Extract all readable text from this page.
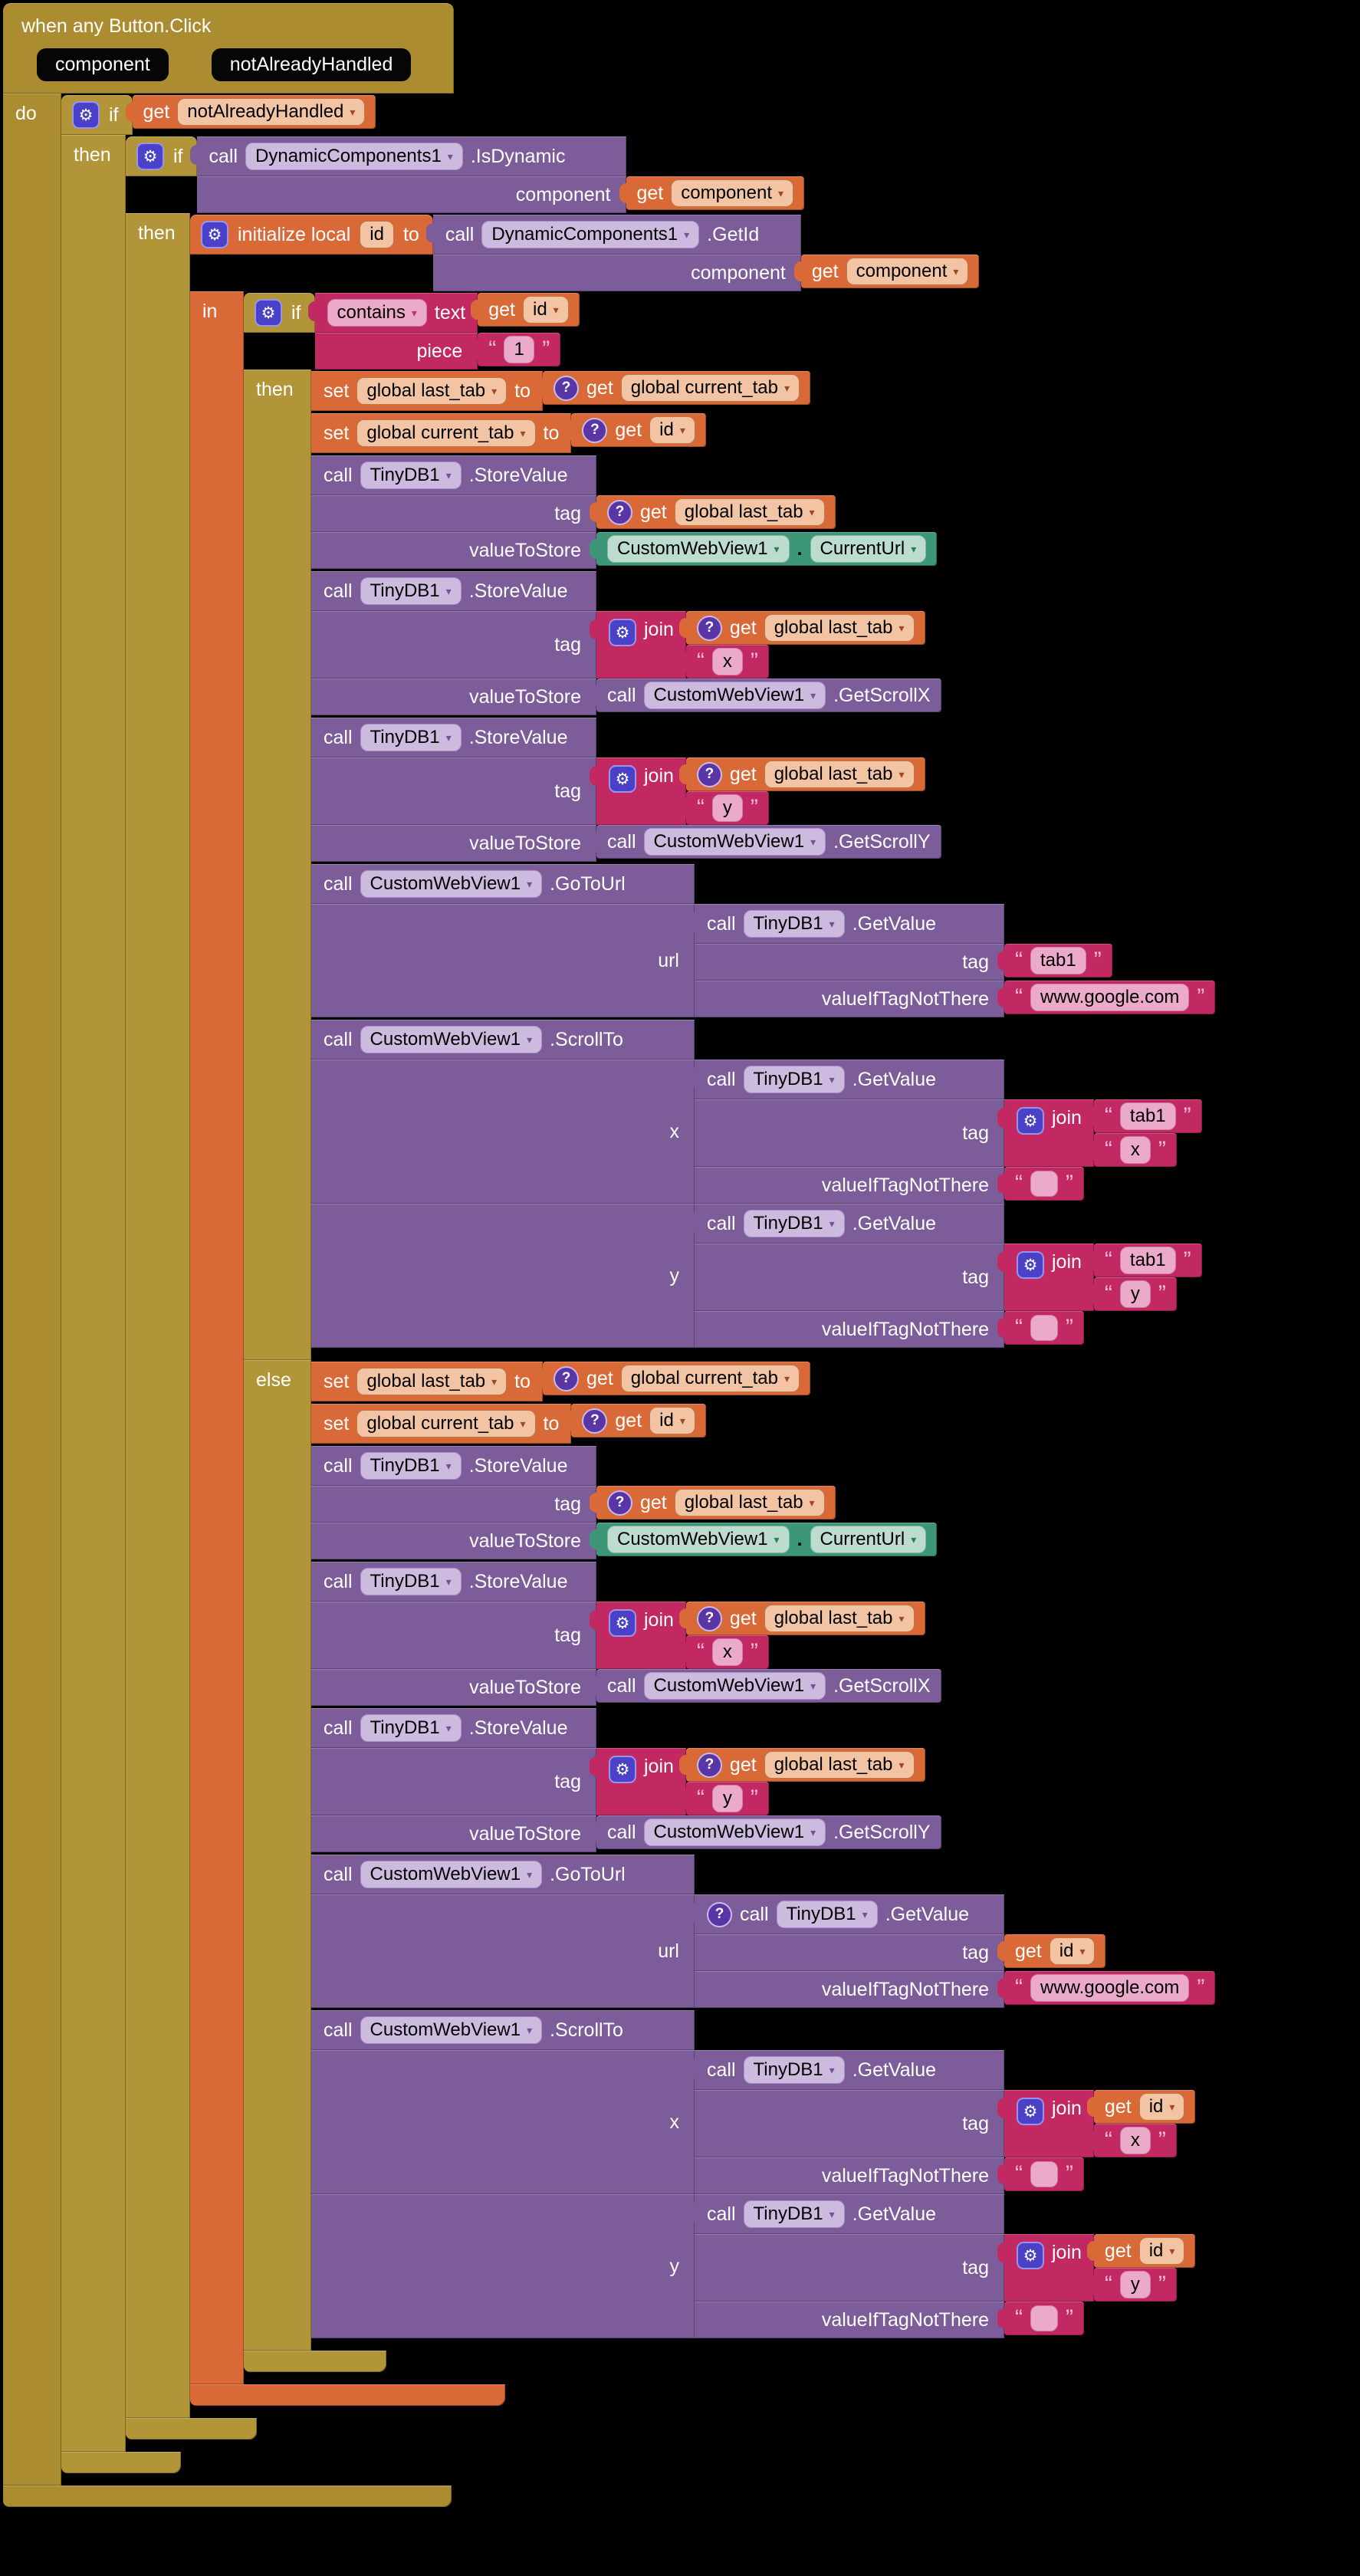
when any Button.Click
component	notAlreadyHandled
do	⚙ if get notAlreadyHandled ▾
then	⚙ if call DynamicComponents1 ▾ .IsDynamic
component get component ▾
then	⚙ initialize local id to call DynamicComponents1 ▾ .GetId
component get component ▾
in	⚙ if contains ▾ text get id ▾
piece “ 1 ”
then	set global last_tab ▾ to	? get global current_tab ▾
set global current_tab ▾ to	? get id ▾
call TinyDB1 ▾ .StoreValue
tag	? get global last_tab ▾
valueToStore CustomWebView1 ▾ . CurrentUrl ▾
call TinyDB1 ▾ .StoreValue
tag
⚙ join	? get global last_tab ▾
“ x ”
valueToStore call CustomWebView1 ▾ .GetScrollX
call TinyDB1 ▾ .StoreValue
tag
⚙ join	? get global last_tab ▾
“ y ”
valueToStore call CustomWebView1 ▾ .GetScrollY
call CustomWebView1 ▾ .GoToUrl
url
call TinyDB1 ▾ .GetValue
tag “ tab1 ”
valueIfTagNotThere “ www.google.com ”
call CustomWebView1 ▾ .ScrollTo
x
call TinyDB1 ▾ .GetValue
tag
⚙ join “ tab1 ”
“ x ”
valueIfTagNotThere “ ”
y
call TinyDB1 ▾ .GetValue
tag
⚙ join “ tab1 ”
“ y ”
valueIfTagNotThere “ ”
else	set global last_tab ▾ to	? get global current_tab ▾
set global current_tab ▾ to	? get id ▾
call TinyDB1 ▾ .StoreValue
tag	? get global last_tab ▾
valueToStore CustomWebView1 ▾ . CurrentUrl ▾
call TinyDB1 ▾ .StoreValue
tag
⚙ join	? get global last_tab ▾
“ x ”
valueToStore call CustomWebView1 ▾ .GetScrollX
call TinyDB1 ▾ .StoreValue
tag
⚙ join	? get global last_tab ▾
“ y ”
valueToStore call CustomWebView1 ▾ .GetScrollY
call CustomWebView1 ▾ .GoToUrl
url
? call TinyDB1 ▾ .GetValue
tag get id ▾
valueIfTagNotThere “ www.google.com ”
call CustomWebView1 ▾ .ScrollTo
x
call TinyDB1 ▾ .GetValue
tag
⚙ join get id ▾
“ x ”
valueIfTagNotThere “ ”
y
call TinyDB1 ▾ .GetValue
tag
⚙ join get id ▾
“ y ”
valueIfTagNotThere “ ”
